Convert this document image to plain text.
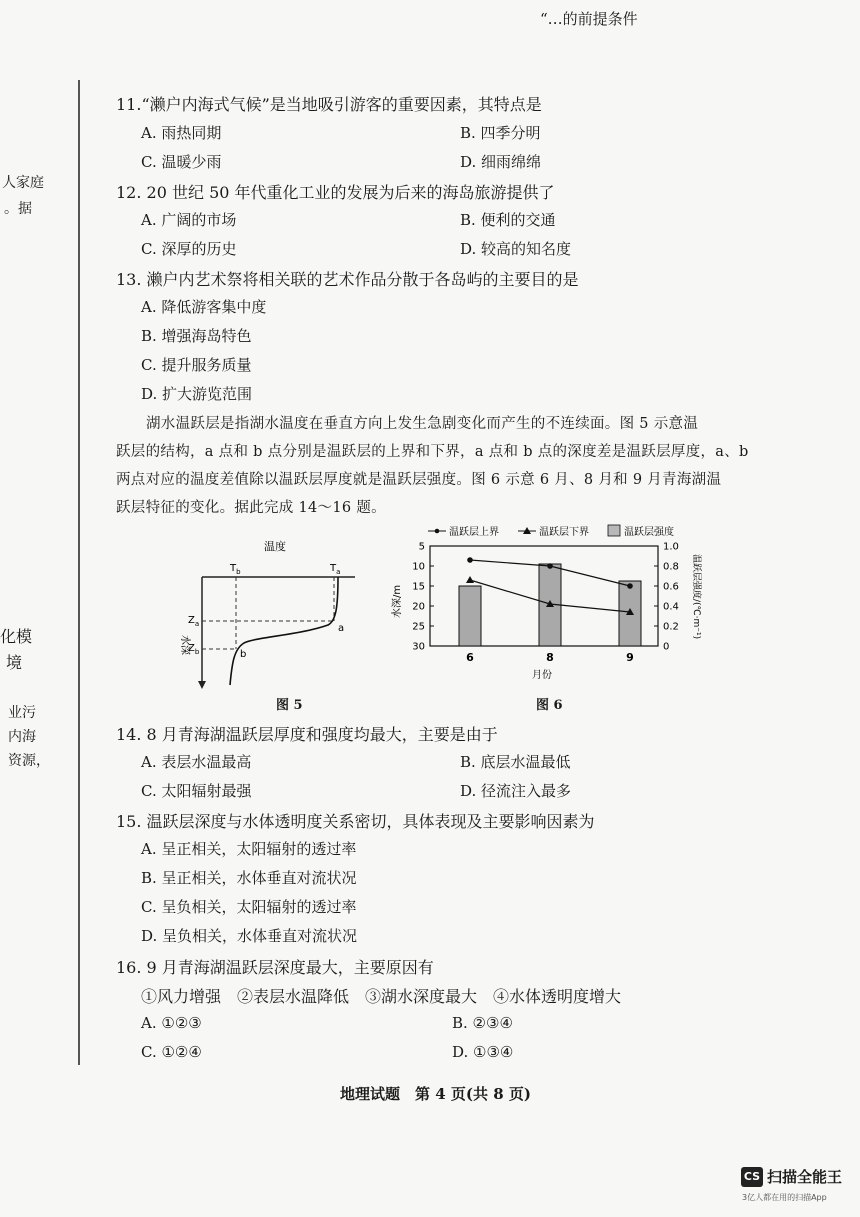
“…的前提条件
人家庭
。据
化模
境
业污
内海
资源，
11.“濑户内海式气候”是当地吸引游客的重要因素，其特点是
A. 雨热同期	B. 四季分明
C. 温暖少雨	D. 细雨绵绵
12. 20 世纪 50 年代重化工业的发展为后来的海岛旅游提供了
A. 广阔的市场	B. 便利的交通
C. 深厚的历史	D. 较高的知名度
13. 濑户内艺术祭将相关联的艺术作品分散于各岛屿的主要目的是
A. 降低游客集中度
B. 增强海岛特色
C. 提升服务质量
D. 扩大游览范围
湖水温跃层是指湖水温度在垂直方向上发生急剧变化而产生的不连续面。图 5 示意温
跃层的结构，a 点和 b 点分别是温跃层的上界和下界，a 点和 b 点的深度差是温跃层厚度，a、b
两点对应的温度差值除以温跃层厚度就是温跃层强度。图 6 示意 6 月、8 月和 9 月青海湖温
跃层特征的变化。据此完成 14～16 题。
温度
$T_b$	$T_a$
$Z_a$
$Z_b$
水深
a
b
图 5
温跃层上界	温跃层下界	温跃层强度
5
10
15
20
25
30
1.0
0.8
0.6
0.4
0.2
0
6	8	9
水深/m	温跃层强度/(℃·m⁻¹)
月份
图 6
14. 8 月青海湖温跃层厚度和强度均最大，主要是由于
A. 表层水温最高	B. 底层水温最低
C. 太阳辐射最强	D. 径流注入最多
15. 温跃层深度与水体透明度关系密切，具体表现及主要影响因素为
A. 呈正相关，太阳辐射的透过率
B. 呈正相关，水体垂直对流状况
C. 呈负相关，太阳辐射的透过率
D. 呈负相关，水体垂直对流状况
16. 9 月青海湖温跃层深度最大，主要原因有
①风力增强　②表层水温降低　③湖水深度最大　④水体透明度增大
A. ①②③	B. ②③④
C. ①②④	D. ①③④
地理试题　第 4 页(共 8 页)
CS 扫描全能王
3亿人都在用的扫描App
